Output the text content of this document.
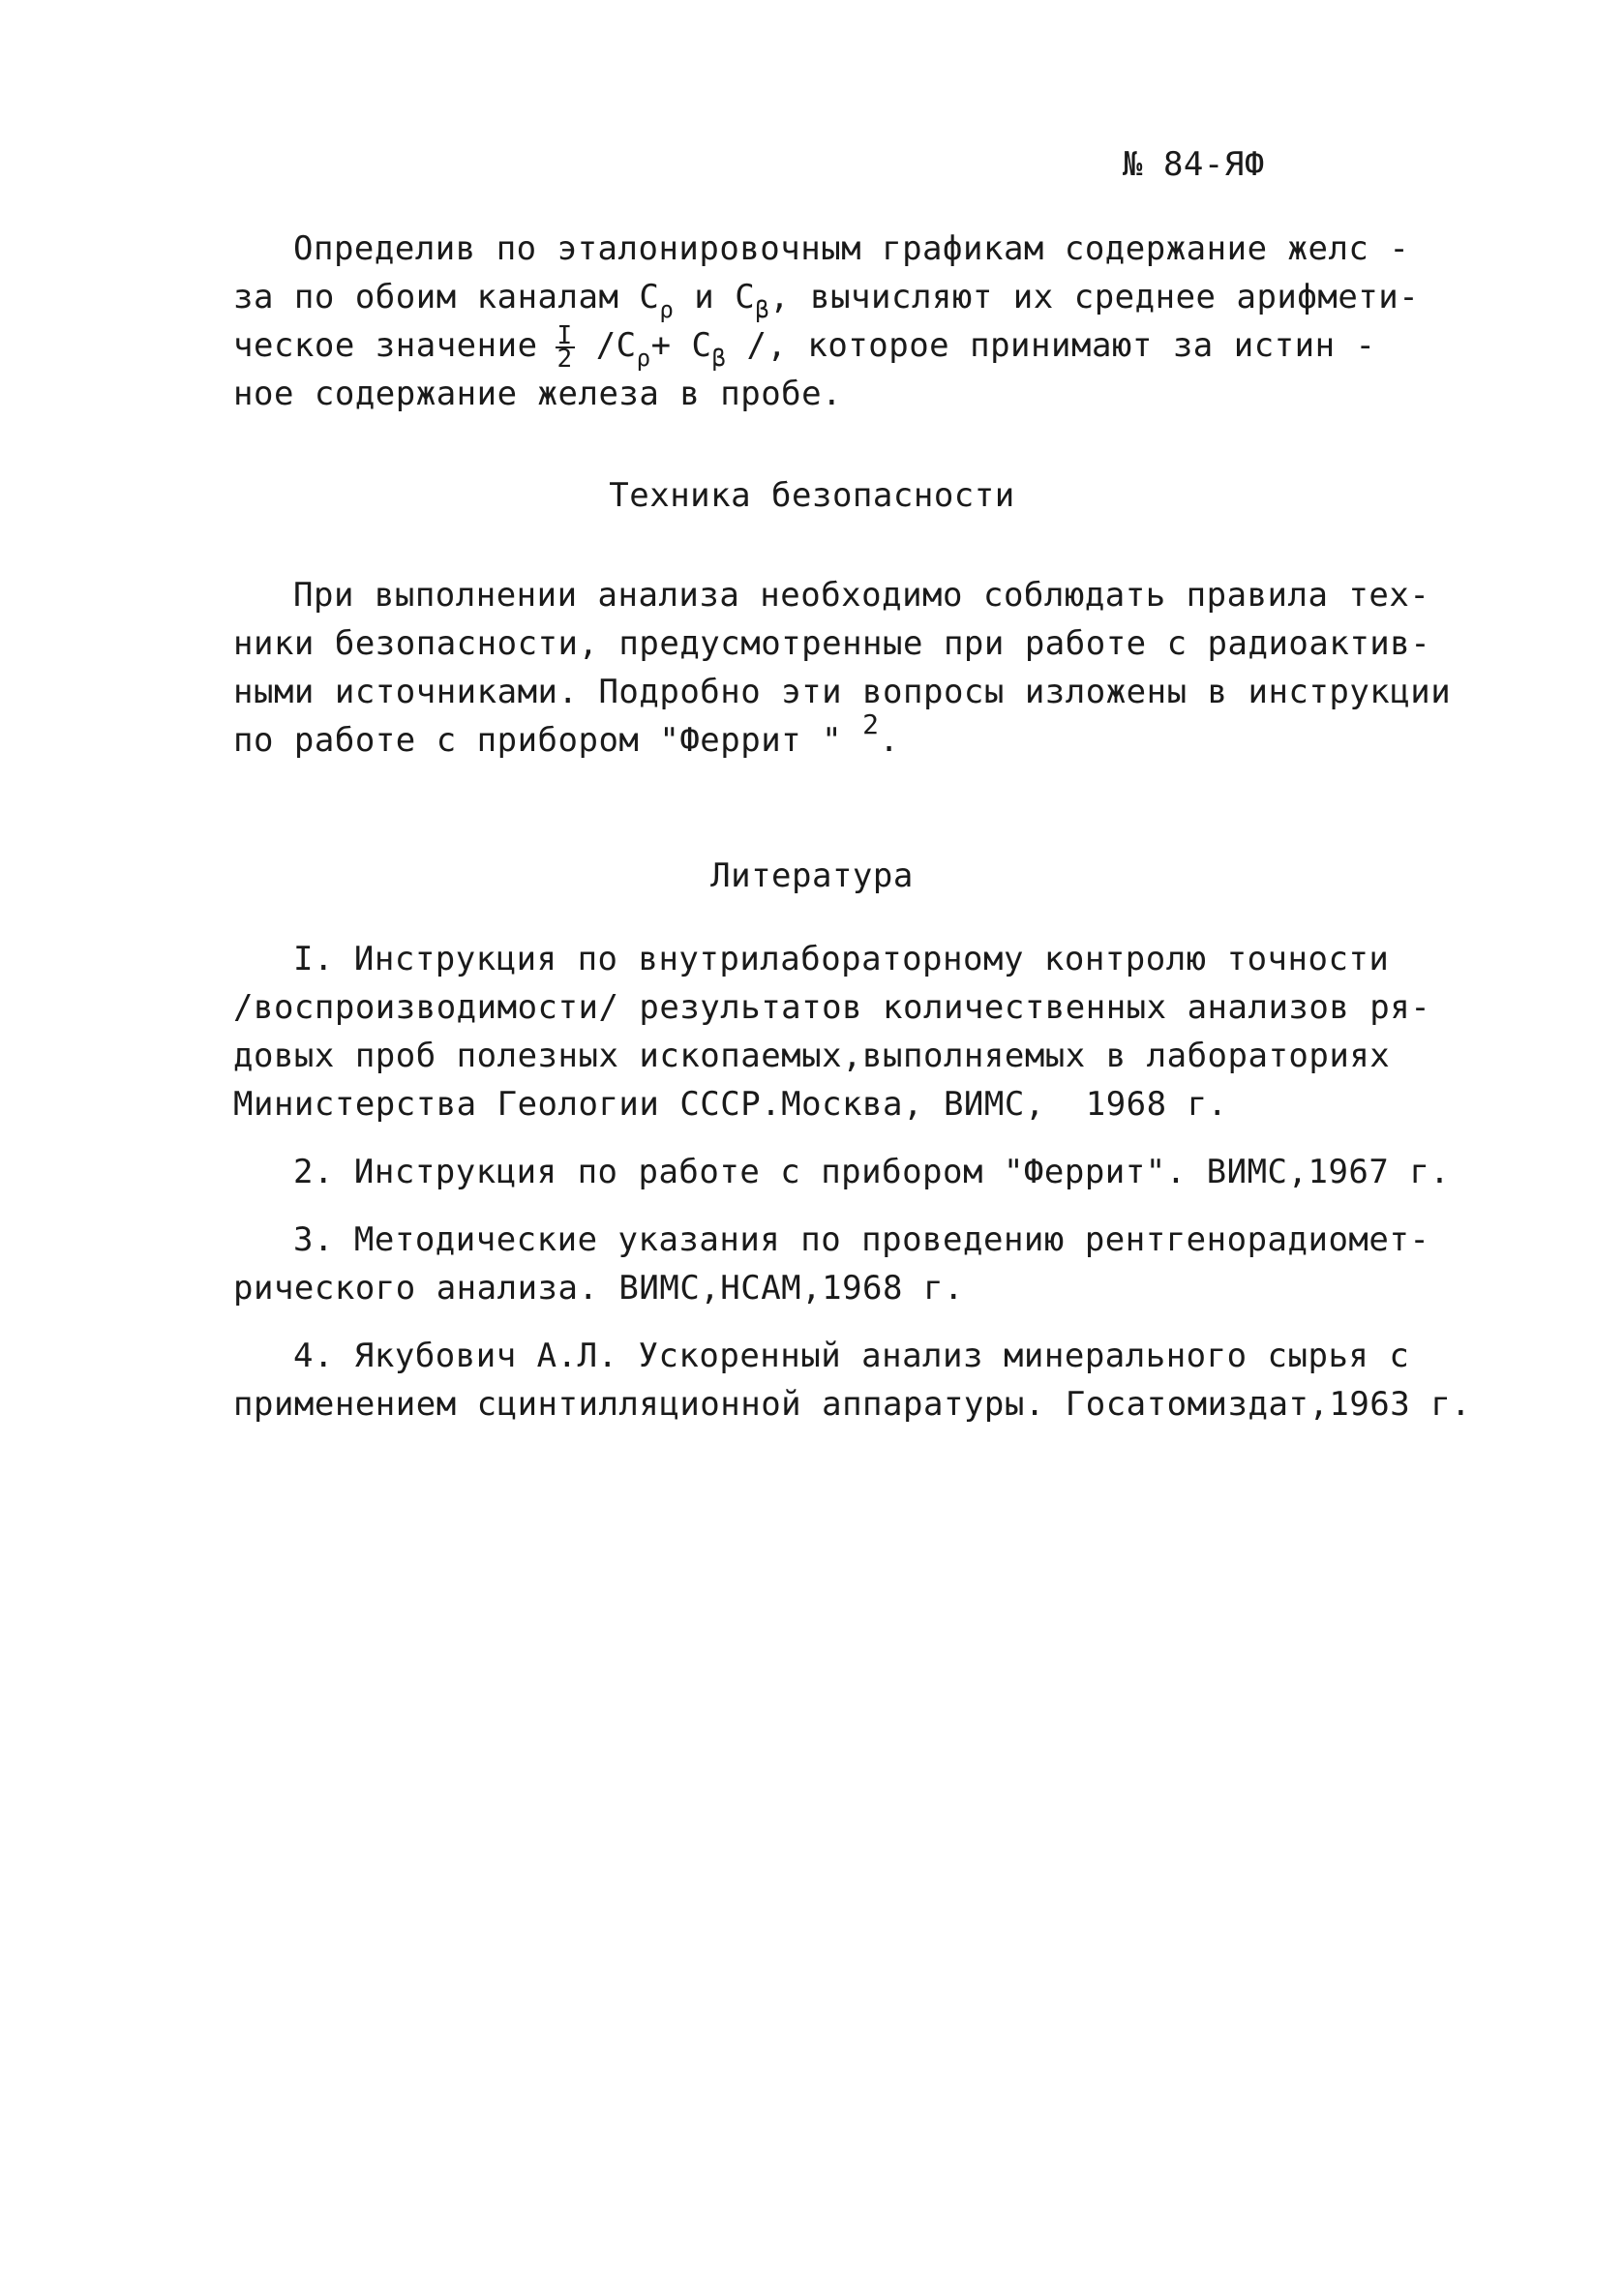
№ 84-ЯФ
Определив по эталонировочным графикам содержание желс -
за по обоим каналам $C_\rho$ и $C_\beta$, вычисляют их среднее арифмети-
ческое значение $\frac{I}{2} /C_\rho+ C_\beta$ /, которое принимают за истин -
ное содержание железа в пробе.
Техника безопасности
При выполнении анализа необходимо соблюдать правила тех-
ники безопасности, предусмотренные при работе с радиоактив-
ными источниками. Подробно эти вопросы изложены в инструкции
по работе с прибором "Феррит " $^2$.
Литература
I. Инструкция по внутрилабораторному контролю точности
/воспроизводимости/ результатов количественных анализов ря-
довых проб полезных ископаемых,выполняемых в лабораториях
Министерства Геологии СССР.Москва, ВИМС,  1968 г.
2. Инструкция по работе с прибором "Феррит". ВИМС,1967 г.
3. Методические указания по проведению рентгенорадиомет-
рического анализа. ВИМС,НСАМ,1968 г.
4. Якубович А.Л. Ускоренный анализ минерального сырья с
применением сцинтилляционной аппаратуры. Госатомиздат,1963 г.
